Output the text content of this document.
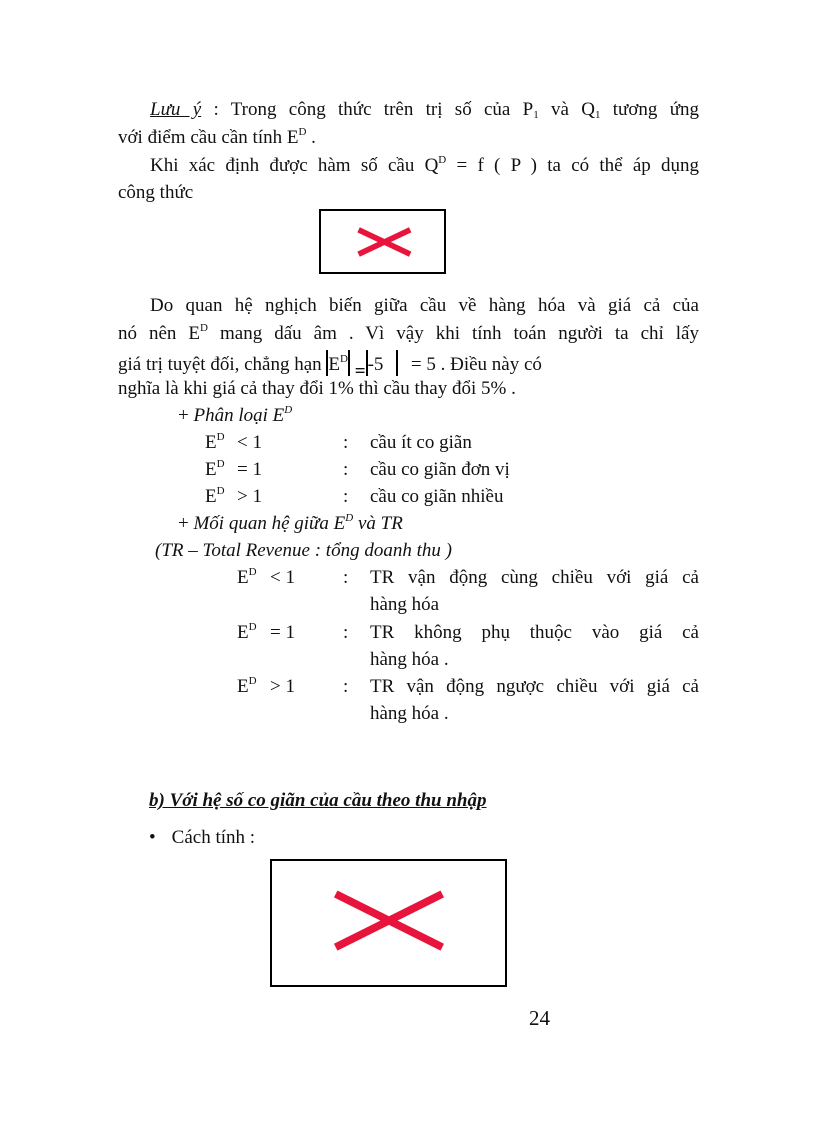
Lưu ý : Trong công thức trên trị số của $P_1$ và $Q_1$ tương ứng
với điểm cầu cần tính $E^D$ .
Khi xác định được hàm số cầu $Q^D = f$ ( P ) ta có thể áp dụng
công thức
Do quan hệ nghịch biến giữa cầu về hàng hóa và giá cả của
nó nên $E^D$ mang dấu âm . Vì vậy khi tính toán người ta chỉ lấy
giá trị tuyệt đối, chẳng hạn $E^D = -5 = 5$ . Điều này có
nghĩa là khi giá cả thay đổi 1% thì cầu thay đổi 5% .
+ Phân loại $E^D$
$E^D < 1$	: cầu ít co giãn
$E^D = 1$	: cầu co giãn đơn vị
$E^D > 1$	: cầu co giãn nhiều
+ Mối quan hệ giữa $E^D$ và TR
(TR – Total Revenue : tổng doanh thu )
$E^D < 1$	: TR vận động cùng chiều với giá cả
hàng hóa
$E^D = 1$	: TR không phụ thuộc vào giá cả
hàng hóa .
$E^D > 1$	: TR vận động ngược chiều với giá cả
hàng hóa .
b) Với hệ số co giãn của cầu theo thu nhập
• Cách tính :
24
